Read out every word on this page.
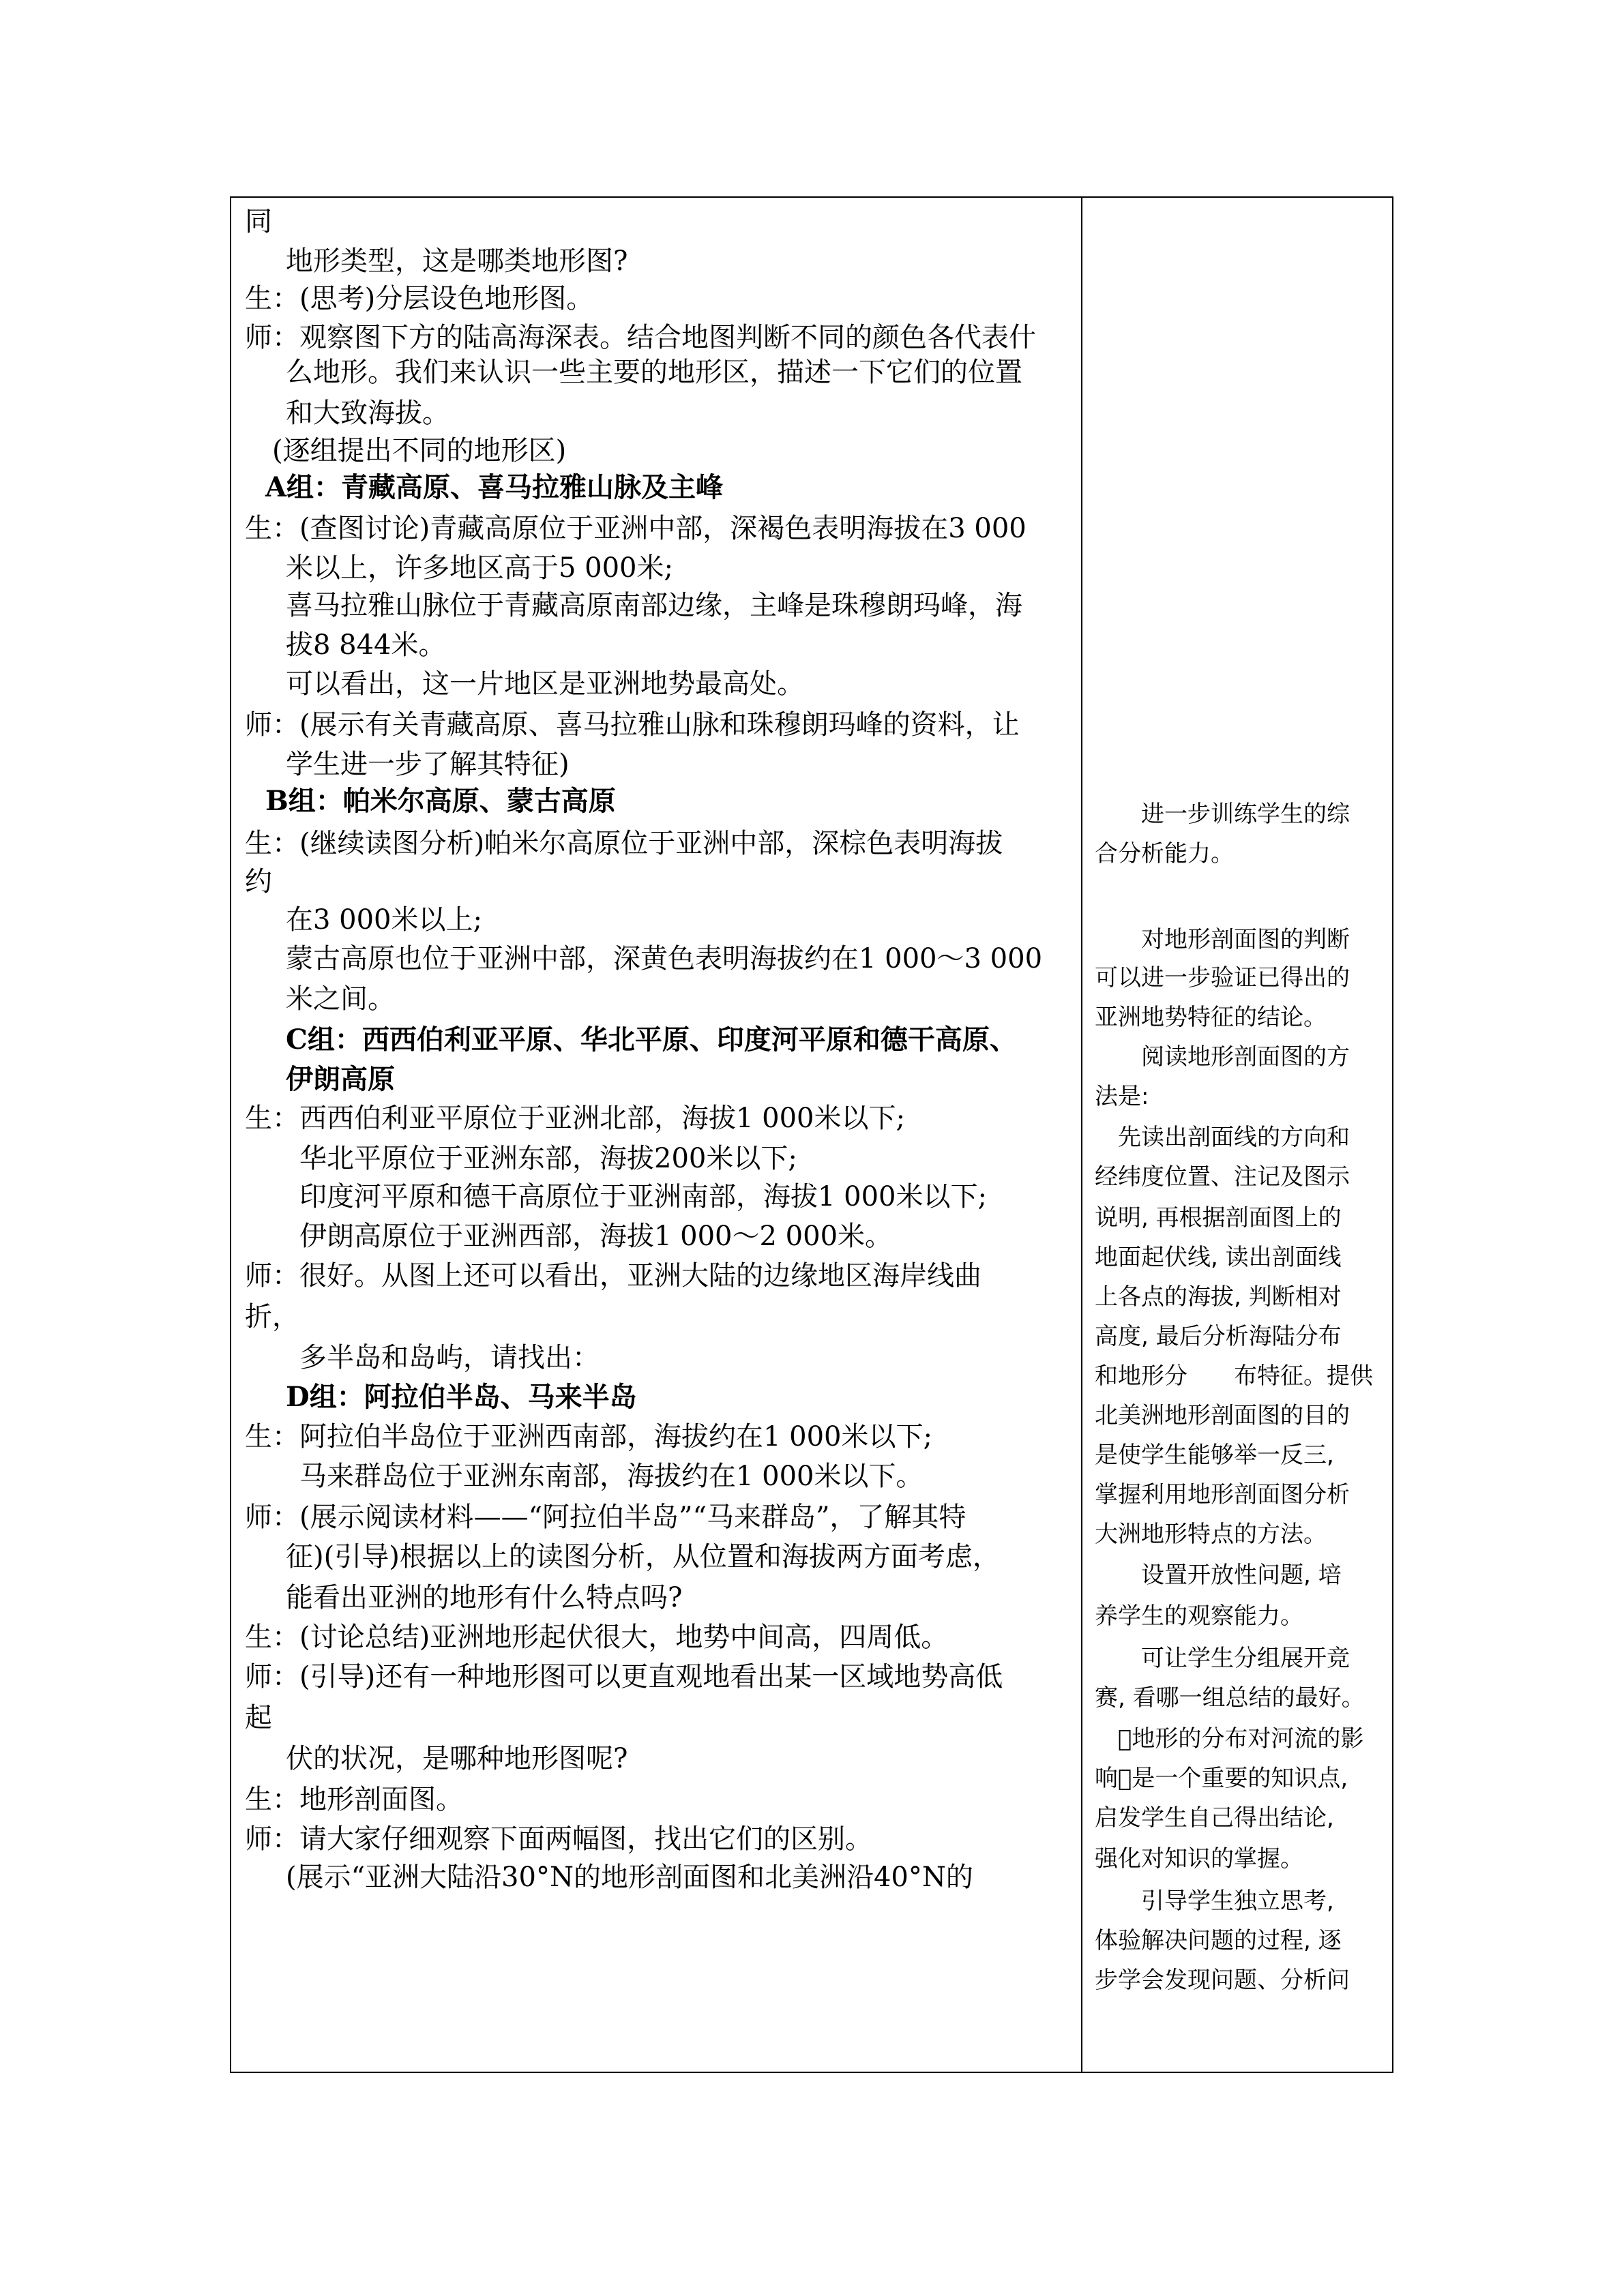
同
地形类型，这是哪类地形图?
生：(思考)分层设色地形图。
师：观察图下方的陆高海深表。结合地图判断不同的颜色各代表什
么地形。我们来认识一些主要的地形区，描述一下它们的位置
和大致海拔。
(逐组提出不同的地形区)
A组：青藏高原、喜马拉雅山脉及主峰
生：(查图讨论)青藏高原位于亚洲中部，深褐色表明海拔在3 000
米以上，许多地区高于5 000米;
喜马拉雅山脉位于青藏高原南部边缘，主峰是珠穆朗玛峰，海
拔8 844米。
可以看出，这一片地区是亚洲地势最高处。
师：(展示有关青藏高原、喜马拉雅山脉和珠穆朗玛峰的资料，让
学生进一步了解其特征)
B组：帕米尔高原、蒙古高原
生：(继续读图分析)帕米尔高原位于亚洲中部，深棕色表明海拔
约
在3 000米以上;
蒙古高原也位于亚洲中部，深黄色表明海拔约在1 000～3 000
米之间。
C组：西西伯利亚平原、华北平原、印度河平原和德干高原、
伊朗高原
生：西西伯利亚平原位于亚洲北部，海拔1 000米以下;
华北平原位于亚洲东部，海拔200米以下;
印度河平原和德干高原位于亚洲南部，海拔1 000米以下;
伊朗高原位于亚洲西部，海拔1 000～2 000米。
师：很好。从图上还可以看出，亚洲大陆的边缘地区海岸线曲
折，
多半岛和岛屿，请找出：
D组：阿拉伯半岛、马来半岛
生：阿拉伯半岛位于亚洲西南部，海拔约在1 000米以下;
马来群岛位于亚洲东南部，海拔约在1 000米以下。
师：(展示阅读材料——“阿拉伯半岛”“马来群岛”，了解其特
征)(引导)根据以上的读图分析，从位置和海拔两方面考虑，
能看出亚洲的地形有什么特点吗?
生：(讨论总结)亚洲地形起伏很大，地势中间高，四周低。
师：(引导)还有一种地形图可以更直观地看出某一区域地势高低
起
伏的状况，是哪种地形图呢?
生：地形剖面图。
师：请大家仔细观察下面两幅图，找出它们的区别。
(展示“亚洲大陆沿30°N的地形剖面图和北美洲沿40°N的
　　进一步训练学生的综
合分析能力。
　　对地形剖面图的判断
可以进一步验证已得出的
亚洲地势特征的结论。
　　阅读地形剖面图的方
法是:
　先读出剖面线的方向和
经纬度位置、注记及图示
说明, 再根据剖面图上的
地面起伏线, 读出剖面线
上各点的海拔, 判断相对
高度, 最后分析海陆分布
和地形分　　布特征。提供
北美洲地形剖面图的目的
是使学生能够举一反三,
掌握利用地形剖面图分析
大洲地形特点的方法。
　　设置开放性问题, 培
养学生的观察能力。
　　可让学生分组展开竞
赛, 看哪一组总结的最好。
　 地形的分布对河流的影
响 是一个重要的知识点,
启发学生自己得出结论,
强化对知识的掌握。
　　引导学生独立思考,
体验解决问题的过程, 逐
步学会发现问题、分析问
